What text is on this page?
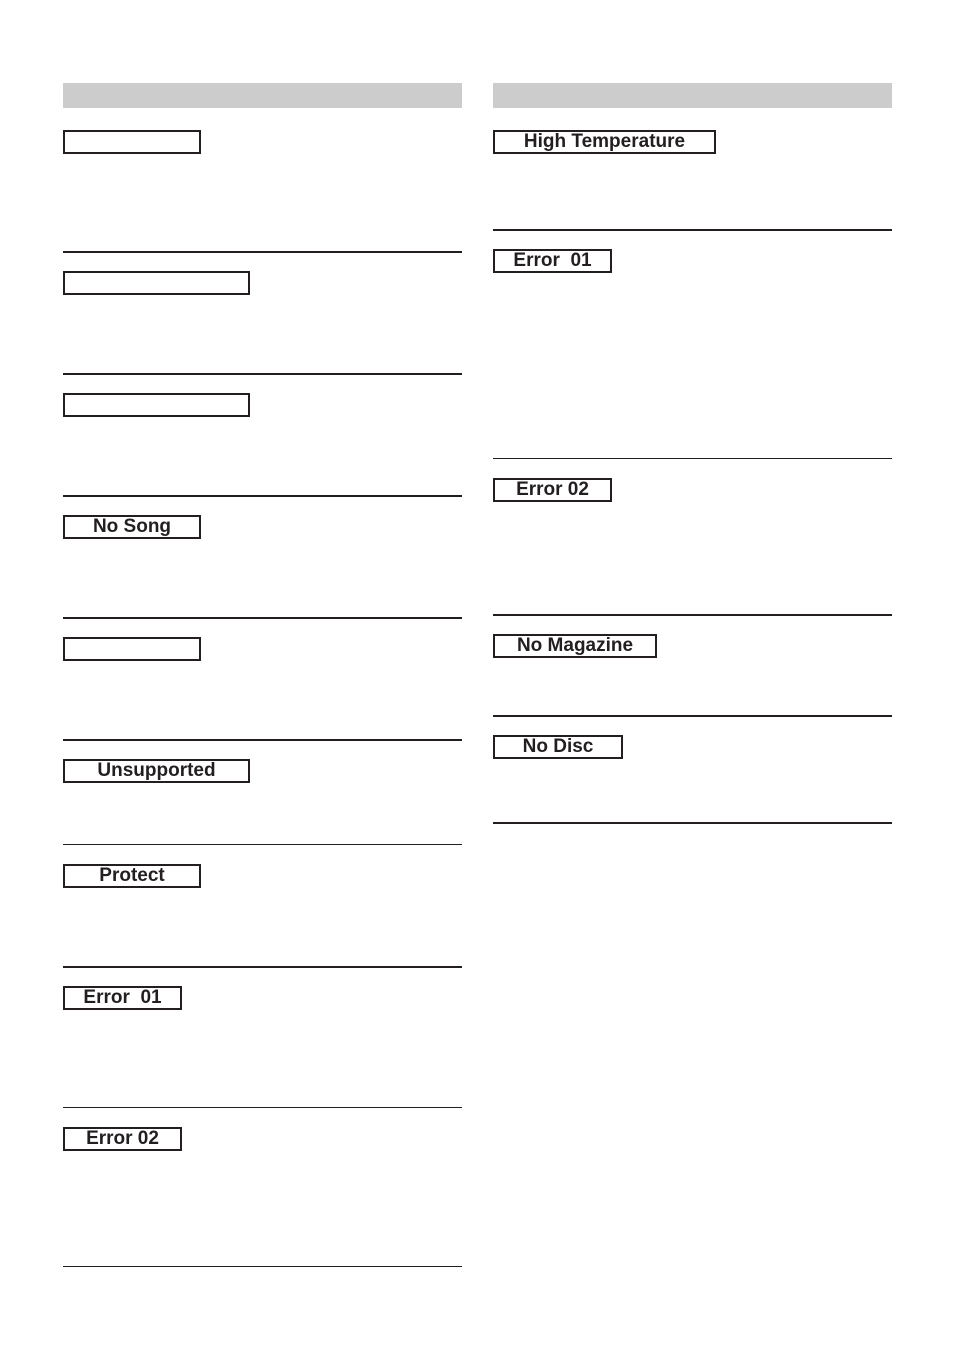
No Song
Unsupported
Protect
Error  01
Error 02
High Temperature
Error  01
Error 02
No Magazine
No Disc
